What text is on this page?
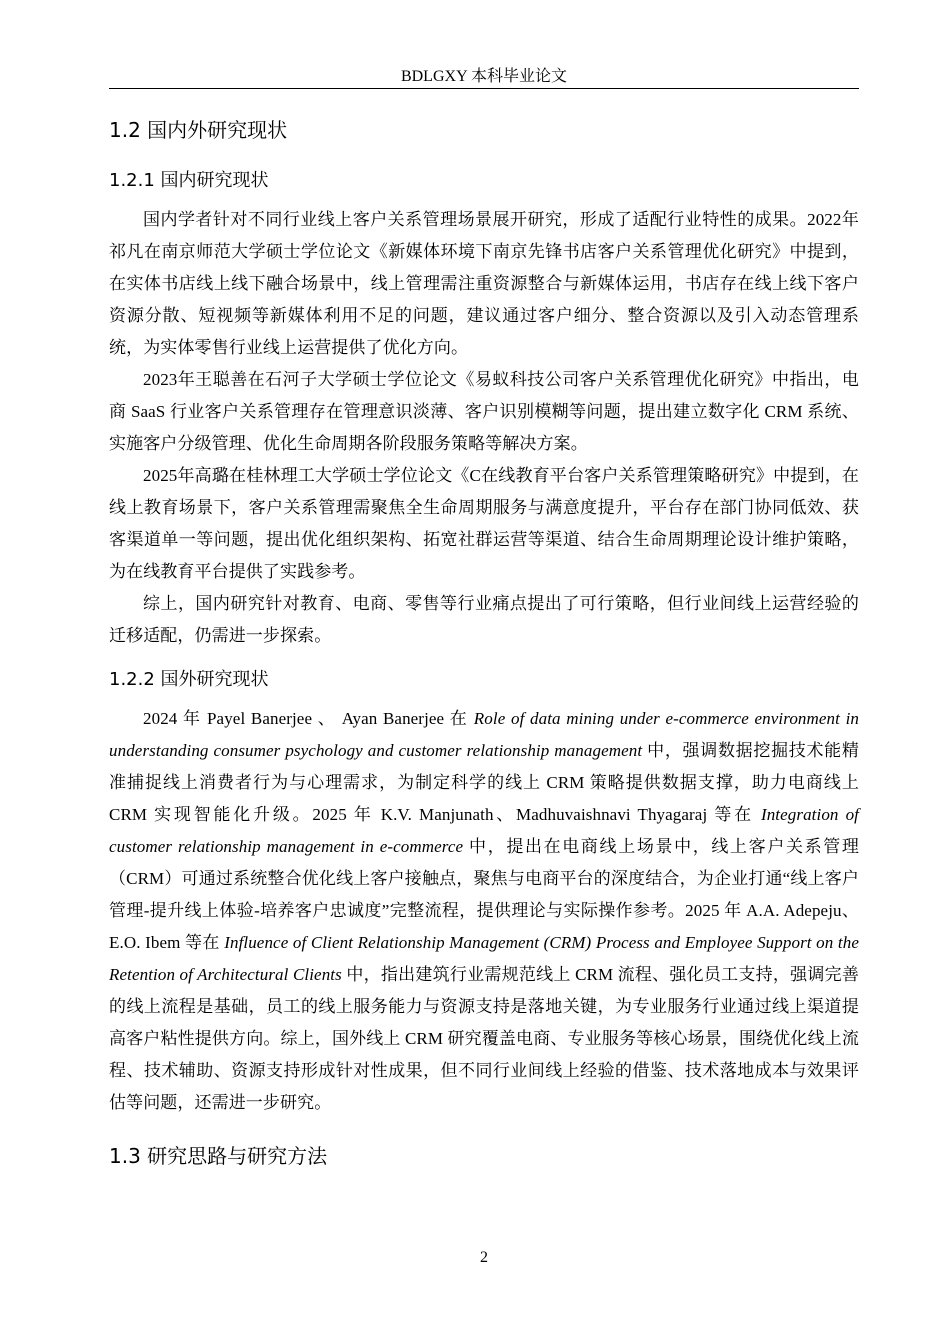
BDLGXY 本科毕业论文
1.2 国内外研究现状
1.2.1 国内研究现状

国内学者针对不同行业线上客户关系管理场景展开研究，形成了适配行业特性的成果。2022年祁凡在南京师范大学硕士学位论文《新媒体环境下南京先锋书店客户关系管理优化研究》中提到，在实体书店线上线下融合场景中，线上管理需注重资源整合与新媒体运用，书店存在线上线下客户资源分散、短视频等新媒体利用不足的问题，建议通过客户细分、整合资源以及引入动态管理系统，为实体零售行业线上运营提供了优化方向。

2023年王聪善在石河子大学硕士学位论文《易蚁科技公司客户关系管理优化研究》中指出，电商 SaaS 行业客户关系管理存在管理意识淡薄、客户识别模糊等问题，提出建立数字化 CRM 系统、实施客户分级管理、优化生命周期各阶段服务策略等解决方案。

2025年高璐在桂林理工大学硕士学位论文《C在线教育平台客户关系管理策略研究》中提到，在线上教育场景下，客户关系管理需聚焦全生命周期服务与满意度提升，平台存在部门协同低效、获客渠道单一等问题，提出优化组织架构、拓宽社群运营等渠道、结合生命周期理论设计维护策略，为在线教育平台提供了实践参考。

综上，国内研究针对教育、电商、零售等行业痛点提出了可行策略，但行业间线上运营经验的迁移适配，仍需进一步探索。

1.2.2 国外研究现状

2024 年 Payel Banerjee 、 Ayan Banerjee 在 Role of data mining under e-commerce environment in understanding consumer psychology and customer relationship management 中，强调数据挖掘技术能精准捕捉线上消费者行为与心理需求，为制定科学的线上 CRM 策略提供数据支撑，助力电商线上 CRM 实现智能化升级。2025 年 K.V. Manjunath、Madhuvaishnavi Thyagaraj 等在 Integration of customer relationship management in e-commerce 中，提出在电商线上场景中，线上客户关系管理（CRM）可通过系统整合优化线上客户接触点，聚焦与电商平台的深度结合，为企业打通“线上客户管理-提升线上体验-培养客户忠诚度”完整流程，提供理论与实际操作参考。2025 年 A.A. Adepeju、E.O. Ibem 等在 Influence of Client Relationship Management (CRM) Process and Employee Support on the Retention of Architectural Clients 中，指出建筑行业需规范线上 CRM 流程、强化员工支持，强调完善的线上流程是基础，员工的线上服务能力与资源支持是落地关键，为专业服务行业通过线上渠道提高客户粘性提供方向。综上，国外线上 CRM 研究覆盖电商、专业服务等核心场景，围绕优化线上流程、技术辅助、资源支持形成针对性成果，但不同行业间线上经验的借鉴、技术落地成本与效果评估等问题，还需进一步研究。

1.3 研究思路与研究方法
2
